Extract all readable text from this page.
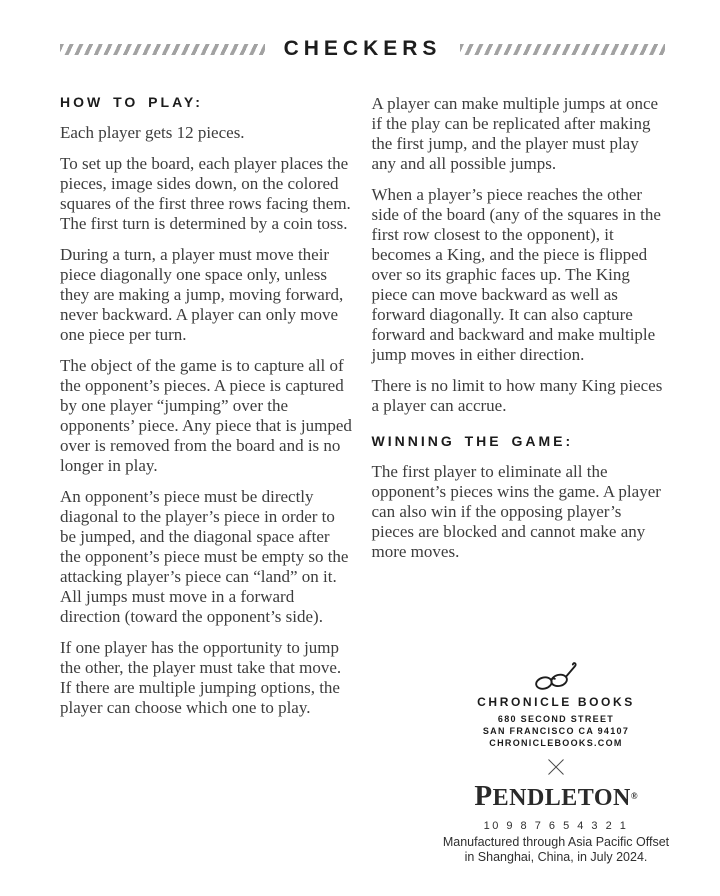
CHECKERS
HOW TO PLAY:

Each player gets 12 pieces.

To set up the board, each player places the pieces, image sides down, on the colored squares of the first three rows facing them. The first turn is determined by a coin toss.

During a turn, a player must move their piece diagonally one space only, unless they are making a jump, moving forward, never backward. A player can only move one piece per turn.

The object of the game is to capture all of the opponent’s pieces. A piece is captured by one player “jumping” over the opponents’ piece. Any piece that is jumped over is removed from the board and is no longer in play.

An opponent’s piece must be directly diagonal to the player’s piece in order to be jumped, and the diagonal space after the opponent’s piece must be empty so the attacking player’s piece can “land” on it. All jumps must move in a forward direction (toward the opponent’s side).

If one player has the opportunity to jump the other, the player must take that move. If there are multiple jumping options, the player can choose which one to play.

A player can make multiple jumps at once if the play can be replicated after making the first jump, and the player must play any and all possible jumps.

When a player’s piece reaches the other side of the board (any of the squares in the first row closest to the opponent), it becomes a King, and the piece is flipped over so its graphic faces up. The King piece can move backward as well as forward diagonally. It can also capture forward and backward and make multiple jump moves in either direction.

There is no limit to how many King pieces a player can accrue.

WINNING THE GAME:

The first player to eliminate all the opponent’s pieces wins the game. A player can also win if the opposing player’s pieces are blocked and cannot make any more moves.

CHRONICLE BOOKS
680 SECOND STREET
SAN FRANCISCO CA 94107
CHRONICLEBOOKS.COM
PENDLETON®
10 9 8 7 6 5 4 3 2 1
Manufactured through Asia Pacific Offset
in Shanghai, China, in July 2024.
